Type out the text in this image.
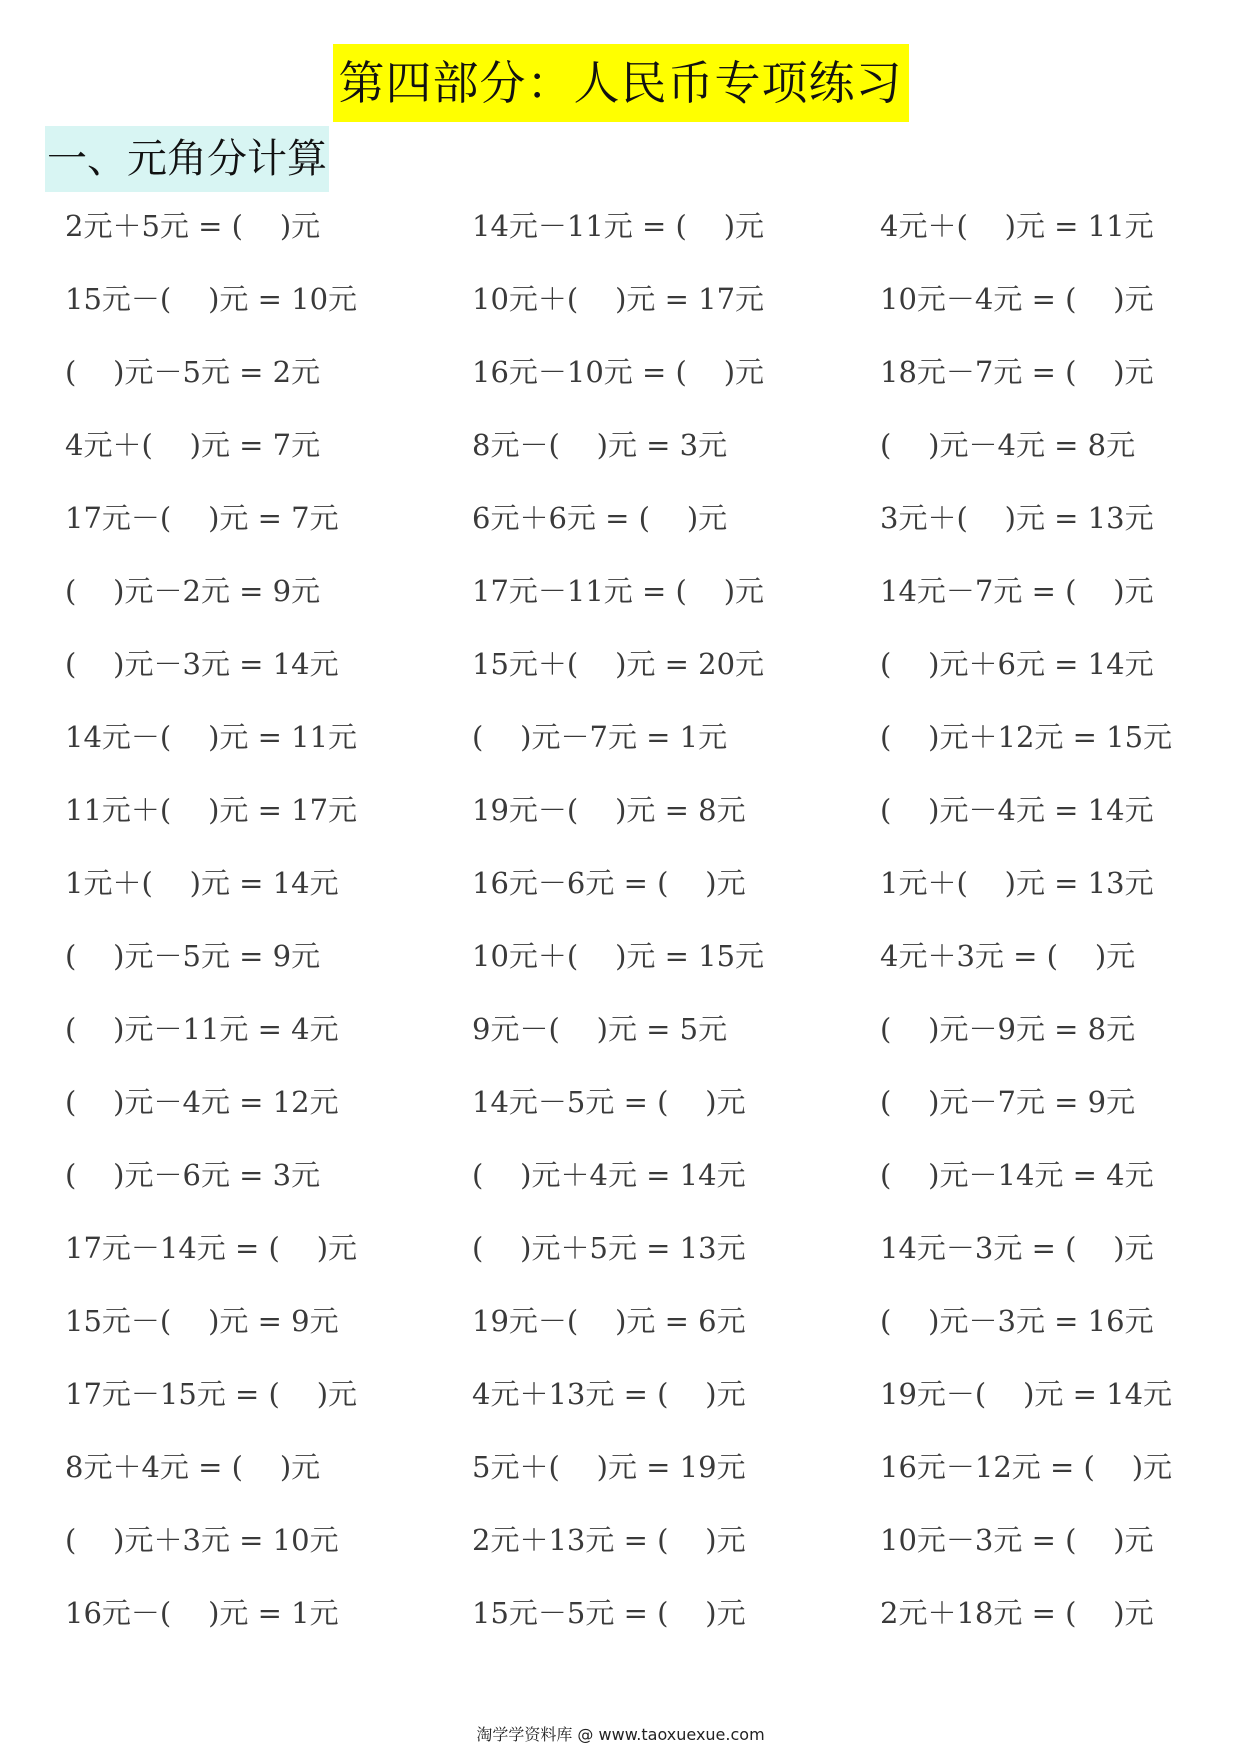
第四部分：人民币专项练习
一、元角分计算
2元＋5元 = (    )元	14元－11元 = (    )元	4元＋(    )元 = 11元
15元－(    )元 = 10元	10元＋(    )元 = 17元	10元－4元 = (    )元
(    )元－5元 = 2元	16元－10元 = (    )元	18元－7元 = (    )元
4元＋(    )元 = 7元	8元－(    )元 = 3元	(    )元－4元 = 8元
17元－(    )元 = 7元	6元＋6元 = (    )元	3元＋(    )元 = 13元
(    )元－2元 = 9元	17元－11元 = (    )元	14元－7元 = (    )元
(    )元－3元 = 14元	15元＋(    )元 = 20元	(    )元＋6元 = 14元
14元－(    )元 = 11元	(    )元－7元 = 1元	(    )元＋12元 = 15元
11元＋(    )元 = 17元	19元－(    )元 = 8元	(    )元－4元 = 14元
1元＋(    )元 = 14元	16元－6元 = (    )元	1元＋(    )元 = 13元
(    )元－5元 = 9元	10元＋(    )元 = 15元	4元＋3元 = (    )元
(    )元－11元 = 4元	9元－(    )元 = 5元	(    )元－9元 = 8元
(    )元－4元 = 12元	14元－5元 = (    )元	(    )元－7元 = 9元
(    )元－6元 = 3元	(    )元＋4元 = 14元	(    )元－14元 = 4元
17元－14元 = (    )元	(    )元＋5元 = 13元	14元－3元 = (    )元
15元－(    )元 = 9元	19元－(    )元 = 6元	(    )元－3元 = 16元
17元－15元 = (    )元	4元＋13元 = (    )元	19元－(    )元 = 14元
8元＋4元 = (    )元	5元＋(    )元 = 19元	16元－12元 = (    )元
(    )元＋3元 = 10元	2元＋13元 = (    )元	10元－3元 = (    )元
16元－(    )元 = 1元	15元－5元 = (    )元	2元＋18元 = (    )元
淘学学资料库 @ www.taoxuexue.com
